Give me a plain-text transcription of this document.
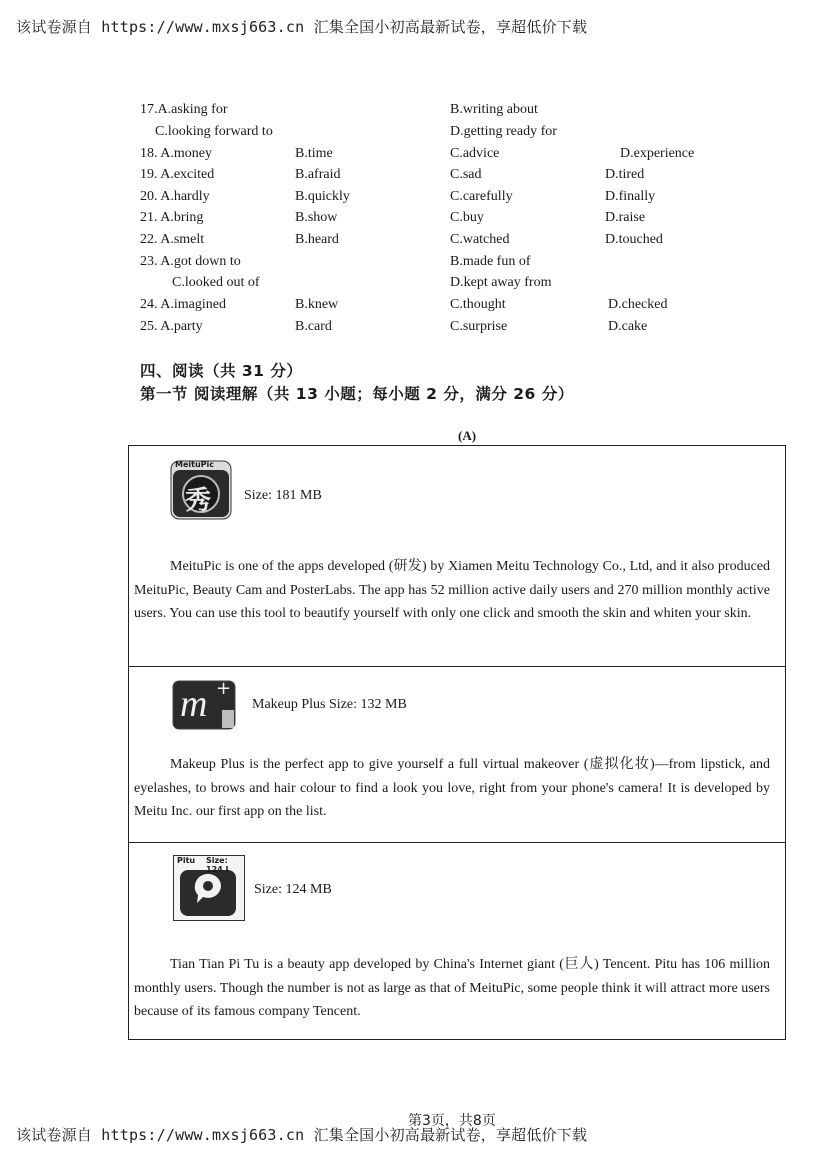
该试卷源自 https://www.mxsj663.cn 汇集全国小初高最新试卷，享超低价下载
17.A.asking for	B.writing about
C.looking forward to	D.getting ready for
18. A.money	B.time	C.advice	D.experience
19. A.excited	B.afraid	C.sad	D.tired
20. A.hardly	B.quickly	C.carefully	D.finally
21. A.bring	B.show	C.buy	D.raise
22. A.smelt	B.heard	C.watched	D.touched
23. A.got down to	B.made fun of
C.looked out of	D.kept away from
24. A.imagined	B.knew	C.thought	D.checked
25. A.party	B.card	C.surprise	D.cake
四、阅读（共 31 分）
第一节 阅读理解（共 13 小题；每小题 2 分，满分 26 分）
(A)
MeituPic
秀 Size: 181 MB
MeituPic is one of the apps developed (研发) by Xiamen Meitu Technology Co., Ltd, and it also produced MeituPic, Beauty Cam and PosterLabs. The app has 52 million active daily users and 270 million monthly active users. You can use this tool to beautify yourself with only one click and smooth the skin and whiten your skin.
m +
Makeup Plus Size: 132 MB
Makeup Plus is the perfect app to give yourself a full virtual makeover (虚拟化妆)—from lipstick, and eyelashes, to brows and hair colour to find a look you love, right from your phone's camera! It is developed by Meitu Inc. our first app on the list.
Pitu Size: 124 I
Size: 124 MB
Tian Tian Pi Tu is a beauty app developed by China's Internet giant (巨人) Tencent. Pitu has 106 million monthly users. Though the number is not as large as that of MeituPic, some people think it will attract more users because of its famous company Tencent.
第3页，共8页
该试卷源自 https://www.mxsj663.cn 汇集全国小初高最新试卷，享超低价下载
